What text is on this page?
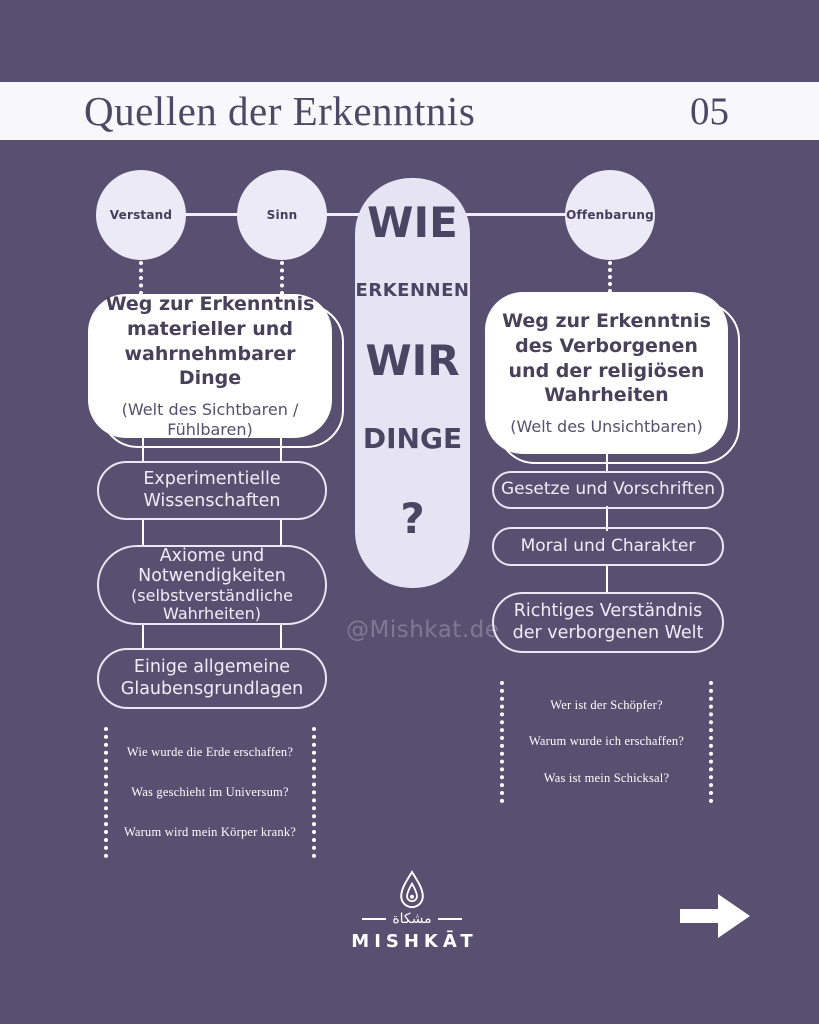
Quellen der Erkenntnis	05
Verstand	Sinn	Offenbarung
WIE
ERKENNEN
WIR
DINGE
?
Weg zur Erkenntnis materieller und wahrnehmbarer Dinge
(Welt des Sichtbaren / Fühlbaren)
Weg zur Erkenntnis des Verborgenen und der religiösen Wahrheiten
(Welt des Unsichtbaren)
Experimentielle
Wissenschaften
Axiome und
Notwendigkeiten
(selbstverständliche
Wahrheiten)
Einige allgemeine
Glaubensgrundlagen
Gesetze und Vorschriften
Moral und Charakter
Richtiges Verständnis
der verborgenen Welt
Wie wurde die Erde erschaffen?
Was geschieht im Universum?
Warum wird mein Körper krank?
Wer ist der Schöpfer?
Warum wurde ich erschaffen?
Was ist mein Schicksal?
@Mishkat.de
مشكاة
MISHKĀT
